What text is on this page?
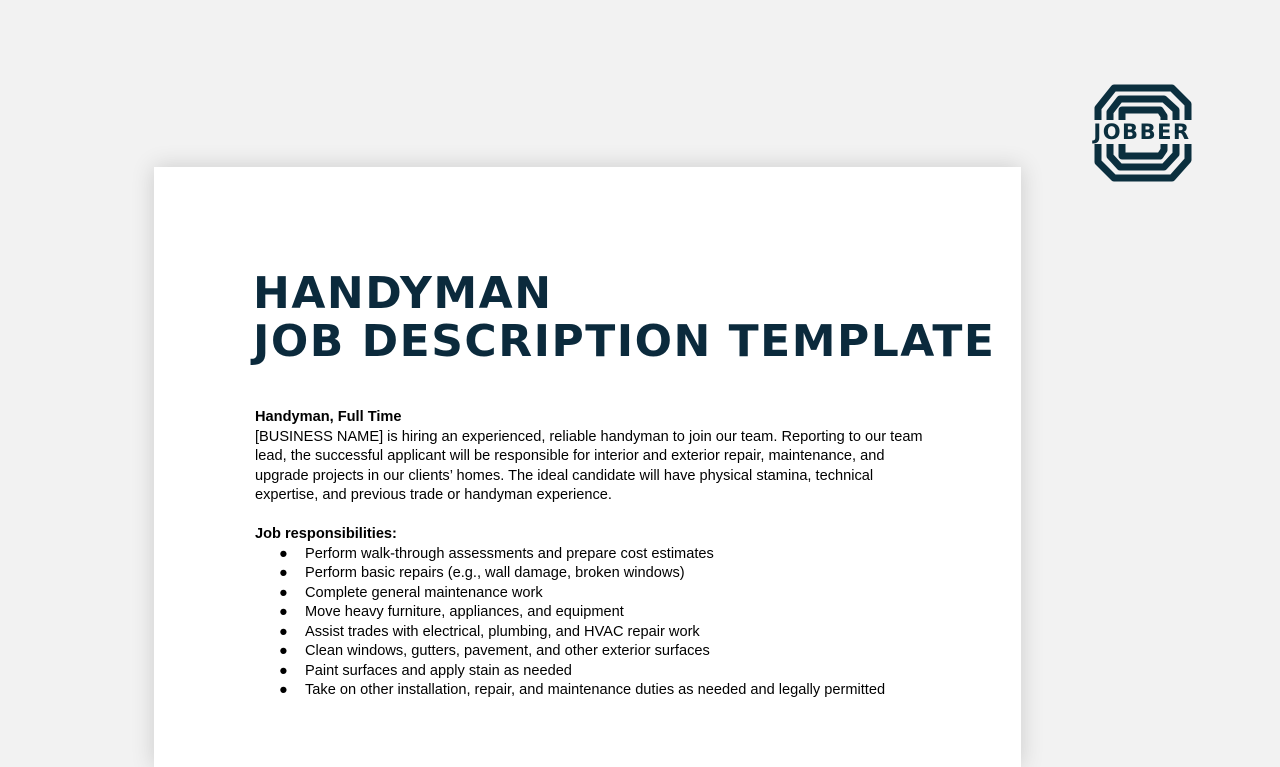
JOBBER
HANDYMAN
JOB DESCRIPTION TEMPLATE

Handyman, Full Time

[BUSINESS NAME] is hiring an experienced, reliable handyman to join our team. Reporting to our team lead, the successful applicant will be responsible for interior and exterior repair, maintenance, and upgrade projects in our clients’ homes. The ideal candidate will have physical stamina, technical expertise, and previous trade or handyman experience.

Job responsibilities:

● Perform walk-through assessments and prepare cost estimates
● Perform basic repairs (e.g., wall damage, broken windows)
● Complete general maintenance work
● Move heavy furniture, appliances, and equipment
● Assist trades with electrical, plumbing, and HVAC repair work
● Clean windows, gutters, pavement, and other exterior surfaces
● Paint surfaces and apply stain as needed
● Take on other installation, repair, and maintenance duties as needed and legally permitted
